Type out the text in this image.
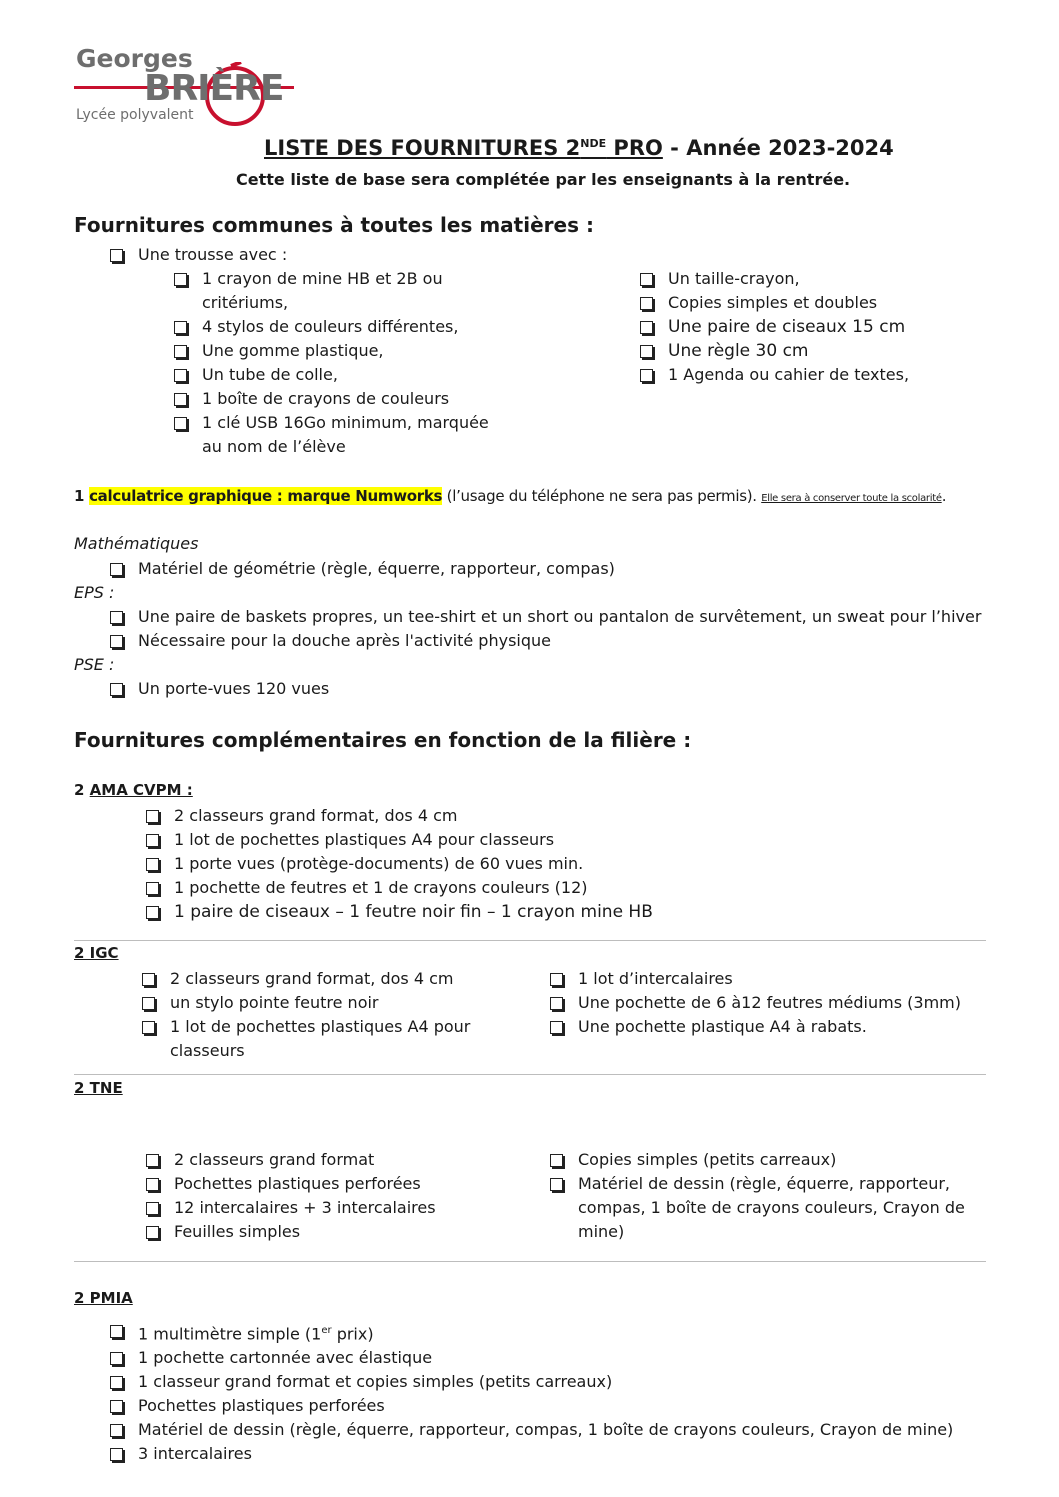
Georges
BRIÈRE
Lycée polyvalent
LISTE DES FOURNITURES 2NDE PRO - Année 2023-2024
Cette liste de base sera complétée par les enseignants à la rentrée.
Fournitures communes à toutes les matières :
Une trousse avec :
1 crayon de mine HB et 2B ou critériums,
4 stylos de couleurs différentes,
Une gomme plastique,
Un tube de colle,
1 boîte de crayons de couleurs
1 clé USB 16Go minimum, marquée au nom de l’élève
Un taille-crayon,
Copies simples et doubles
Une paire de ciseaux 15 cm
Une règle 30 cm
1 Agenda ou cahier de textes,
1 calculatrice graphique : marque Numworks (l’usage du téléphone ne sera pas permis). Elle sera à conserver toute la scolarité.
Mathématiques
Matériel de géométrie (règle, équerre, rapporteur, compas)
EPS :
Une paire de baskets propres, un tee-shirt et un short ou pantalon de survêtement, un sweat pour l’hiver
Nécessaire pour la douche après l'activité physique
PSE :
Un porte-vues 120 vues
Fournitures complémentaires en fonction de la filière :
2 AMA CVPM :
2 classeurs grand format, dos 4 cm
1 lot de pochettes plastiques A4 pour classeurs
1 porte vues (protège-documents) de 60 vues min.
1 pochette de feutres et 1 de crayons couleurs (12)
1 paire de ciseaux – 1 feutre noir fin – 1 crayon mine HB
2 IGC
2 classeurs grand format, dos 4 cm
un stylo pointe feutre noir
1 lot de pochettes plastiques A4 pour classeurs
1 lot d’intercalaires
Une pochette de 6 à12 feutres médiums (3mm)
Une pochette plastique A4 à rabats.
2 TNE
2 classeurs grand format
Pochettes plastiques perforées
12 intercalaires + 3 intercalaires
Feuilles simples
Copies simples (petits carreaux)
Matériel de dessin (règle, équerre, rapporteur, compas, 1 boîte de crayons couleurs, Crayon de mine)
2 PMIA
1 multimètre simple (1er prix)
1 pochette cartonnée avec élastique
1 classeur grand format et copies simples (petits carreaux)
Pochettes plastiques perforées
Matériel de dessin (règle, équerre, rapporteur, compas, 1 boîte de crayons couleurs, Crayon de mine)
3 intercalaires
